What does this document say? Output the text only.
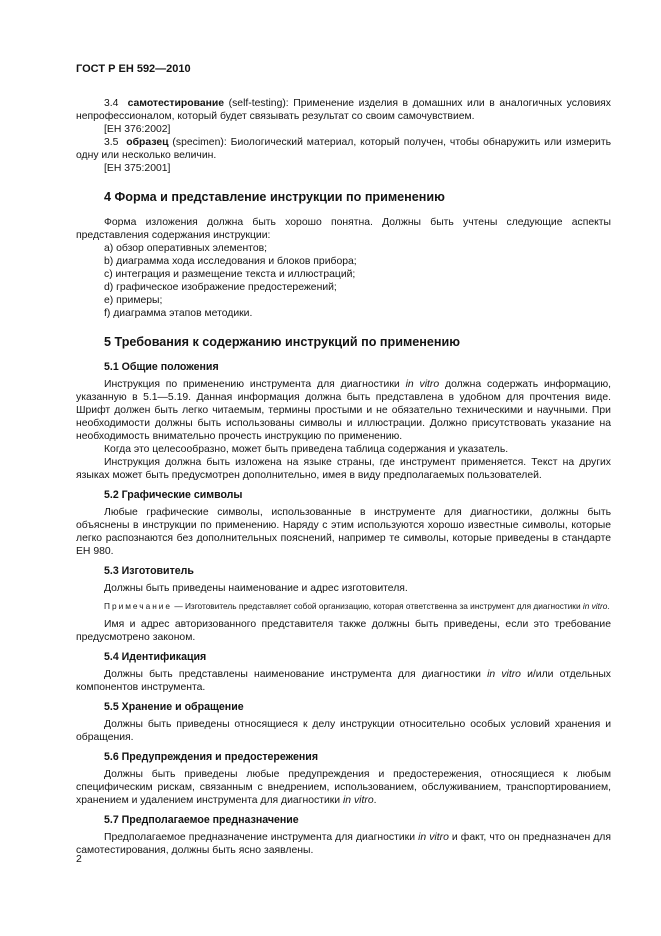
ГОСТ Р ЕН 592—2010

3.4 самотестирование (self-testing): Применение изделия в домашних или в аналогичных условиях непрофессионалом, который будет связывать результат со своим самочувствием.

[ЕН 376:2002]

3.5 образец (specimen): Биологический материал, который получен, чтобы обнаружить или измерить одну или несколько величин.

[ЕН 375:2001]

4 Форма и представление инструкции по применению

Форма изложения должна быть хорошо понятна. Должны быть учтены следующие аспекты представления содержания инструкции:

a) обзор оперативных элементов;

b) диаграмма хода исследования и блоков прибора;

c) интеграция и размещение текста и иллюстраций;

d) графическое изображение предостережений;

e) примеры;

f) диаграмма этапов методики.

5 Требования к содержанию инструкций по применению
5.1 Общие положения

Инструкция по применению инструмента для диагностики in vitro должна содержать информацию, указанную в 5.1—5.19. Данная информация должна быть представлена в удобном для прочтения виде. Шрифт должен быть легко читаемым, термины простыми и не обязательно техническими и научными. При необходимости должны быть использованы символы и иллюстрации. Должно присутствовать указание на необходимость внимательно прочесть инструкцию по применению.

Когда это целесообразно, может быть приведена таблица содержания и указатель.

Инструкция должна быть изложена на языке страны, где инструмент применяется. Текст на других языках может быть предусмотрен дополнительно, имея в виду предполагаемых пользователей.

5.2 Графические символы

Любые графические символы, использованные в инструменте для диагностики, должны быть объяснены в инструкции по применению. Наряду с этим используются хорошо известные символы, которые легко распознаются без дополнительных пояснений, например те символы, которые приведены в стандарте ЕН 980.

5.3 Изготовитель

Должны быть приведены наименование и адрес изготовителя.

Примечание — Изготовитель представляет собой организацию, которая ответственна за инструмент для диагностики in vitro.

Имя и адрес авторизованного представителя также должны быть приведены, если это требование предусмотрено законом.

5.4 Идентификация

Должны быть представлены наименование инструмента для диагностики in vitro и/или отдельных компонентов инструмента.

5.5 Хранение и обращение

Должны быть приведены относящиеся к делу инструкции относительно особых условий хранения и обращения.

5.6 Предупреждения и предостережения

Должны быть приведены любые предупреждения и предостережения, относящиеся к любым специфическим рискам, связанным с внедрением, использованием, обслуживанием, транспортированием, хранением и удалением инструмента для диагностики in vitro.

5.7 Предполагаемое предназначение

Предполагаемое предназначение инструмента для диагностики in vitro и факт, что он предназначен для самотестирования, должны быть ясно заявлены.

2
